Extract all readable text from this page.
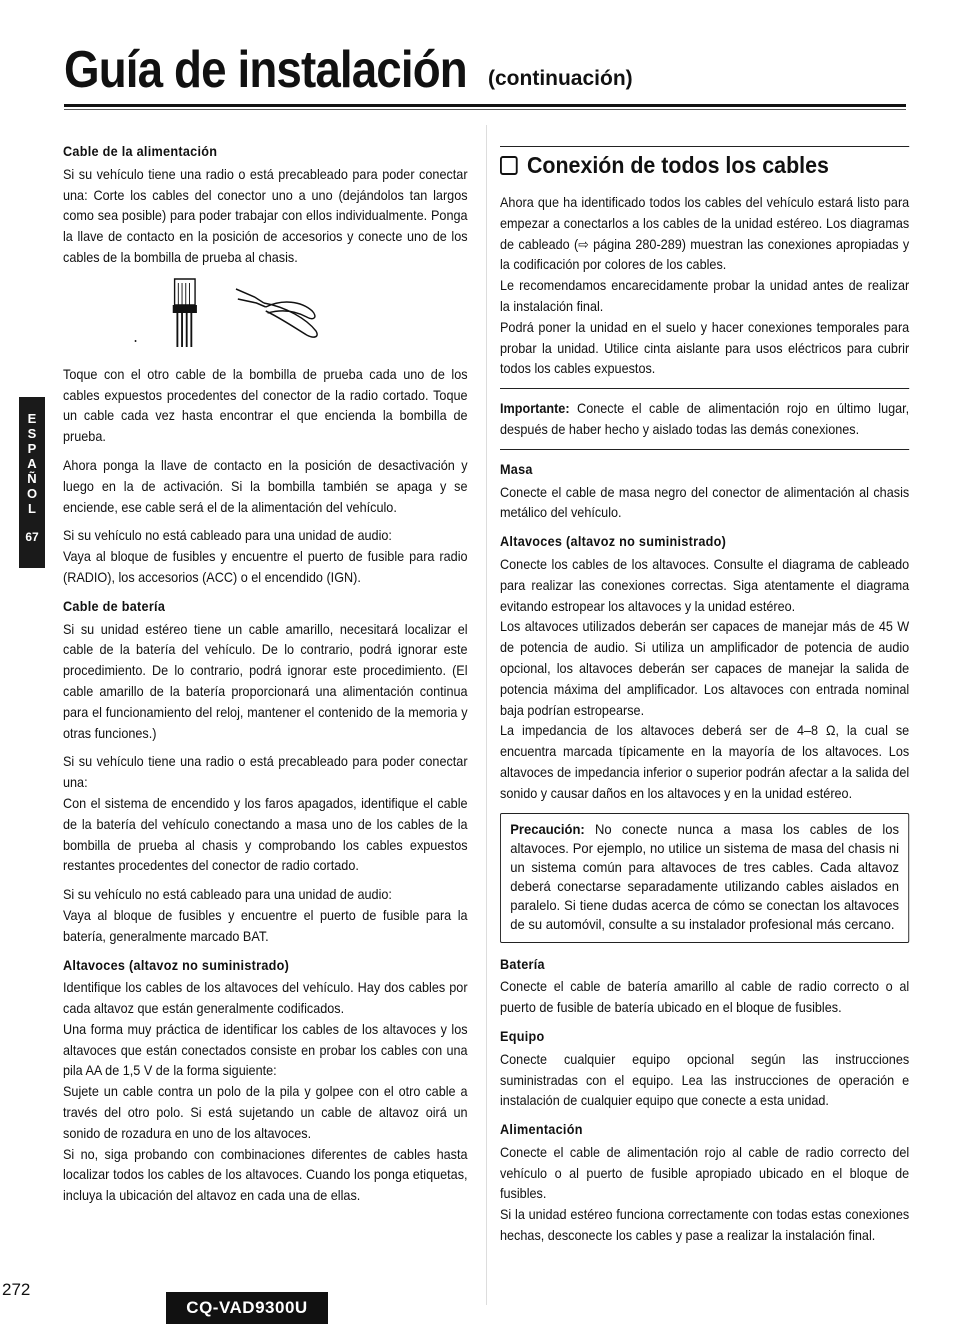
Guía de instalación	(continuación)
Cable de la alimentación

Si su vehículo tiene una radio o está precableado para poder conectar una: Corte los cables del conector uno a uno (dejándolos tan largos como sea posible) para poder trabajar con ellos individualmente. Ponga la llave de contacto en la posición de accesorios y conecte uno de los cables de la bombilla de prueba al chasis.

Toque con el otro cable de la bombilla de prueba cada uno de los cables expuestos procedentes del conector de la radio cortado. Toque un cable cada vez hasta encontrar el que encienda la bombilla de prueba.

Ahora ponga la llave de contacto en la posición de desactivación y luego en la de activación. Si la bombilla también se apaga y se enciende, ese cable será el de la alimentación del vehículo.

Si su vehículo no está cableado para una unidad de audio:

Vaya al bloque de fusibles y encuentre el puerto de fusible para radio (RADIO), los accesorios (ACC) o el encendido (IGN).

Cable de batería

Si su unidad estéreo tiene un cable amarillo, necesitará localizar el cable de la batería del vehículo. De lo contrario, podrá ignorar este procedimiento. De lo contrario, podrá ignorar este procedimiento. (El cable amarillo de la batería proporcionará una alimentación continua para el funcionamiento del reloj, mantener el contenido de la memoria y otras funciones.)

Si su vehículo tiene una radio o está precableado para poder conectar una:

Con el sistema de encendido y los faros apagados, identifique el cable de la batería del vehículo conectando a masa uno de los cables de la bombilla de prueba al chasis y comprobando los cables expuestos restantes procedentes del conector de radio cortado.

Si su vehículo no está cableado para una unidad de audio:

Vaya al bloque de fusibles y encuentre el puerto de fusible para la batería, generalmente marcado BAT.

Altavoces (altavoz no suministrado)

Identifique los cables de los altavoces del vehículo. Hay dos cables por cada altavoz que están generalmente codificados.

Una forma muy práctica de identificar los cables de los altavoces y los altavoces que están conectados consiste en probar los cables con una pila AA de 1,5 V de la forma siguiente:

Sujete un cable contra un polo de la pila y golpee con el otro cable a través del otro polo. Si está sujetando un cable de altavoz oirá un sonido de rozadura en uno de los altavoces.

Si no, siga probando con combinaciones diferentes de cables hasta localizar todos los cables de los altavoces. Cuando los ponga etiquetas, incluya la ubicación del altavoz en cada una de ellas.

Conexión de todos los cables

Ahora que ha identificado todos los cables del vehículo estará listo para empezar a conectarlos a los cables de la unidad estéreo. Los diagramas de cableado (⇨ página 280-289) muestran las conexiones apropiadas y la codificación por colores de los cables.

Le recomendamos encarecidamente probar la unidad antes de realizar la instalación final.

Podrá poner la unidad en el suelo y hacer conexiones temporales para probar la unidad. Utilice cinta aislante para usos eléctricos para cubrir todos los cables expuestos.

Importante: Conecte el cable de alimentación rojo en último lugar, después de haber hecho y aislado todas las demás conexiones.

Masa

Conecte el cable de masa negro del conector de alimentación al chasis metálico del vehículo.

Altavoces (altavoz no suministrado)

Conecte los cables de los altavoces. Consulte el diagrama de cableado para realizar las conexiones correctas. Siga atentamente el diagrama evitando estropear los altavoces y la unidad estéreo.

Los altavoces utilizados deberán ser capaces de manejar más de 45 W de potencia de audio. Si utiliza un amplificador de potencia de audio opcional, los altavoces deberán ser capaces de manejar la salida de potencia máxima del amplificador. Los altavoces con entrada nominal baja podrían estropearse.

La impedancia de los altavoces deberá ser de 4–8 Ω, la cual se encuentra marcada típicamente en la mayoría de los altavoces. Los altavoces de impedancia inferior o superior podrán afectar a la salida del sonido y causar daños en los altavoces y en la unidad estéreo.

Precaución: No conecte nunca a masa los cables de los altavoces. Por ejemplo, no utilice un sistema de masa del chasis ni un sistema común para altavoces de tres cables. Cada altavoz deberá conectarse separadamente utilizando cables aislados en paralelo. Si tiene dudas acerca de cómo se conectan los altavoces de su automóvil, consulte a su instalador profesional más cercano.
Batería

Conecte el cable de batería amarillo al cable de radio correcto o al puerto de fusible de batería ubicado en el bloque de fusibles.

Equipo

Conecte cualquier equipo opcional según las instrucciones suministradas con el equipo. Lea las instrucciones de operación e instalación de cualquier equipo que conecte a esta unidad.

Alimentación

Conecte el cable de alimentación rojo al cable de radio correcto del vehículo o al puerto de fusible apropiado ubicado en el bloque de fusibles.

Si la unidad estéreo funciona correctamente con todas estas conexiones hechas, desconecte los cables y pase a realizar la instalación final.

E
S
P
A
Ñ
O
L
67
272
CQ-VAD9300U
